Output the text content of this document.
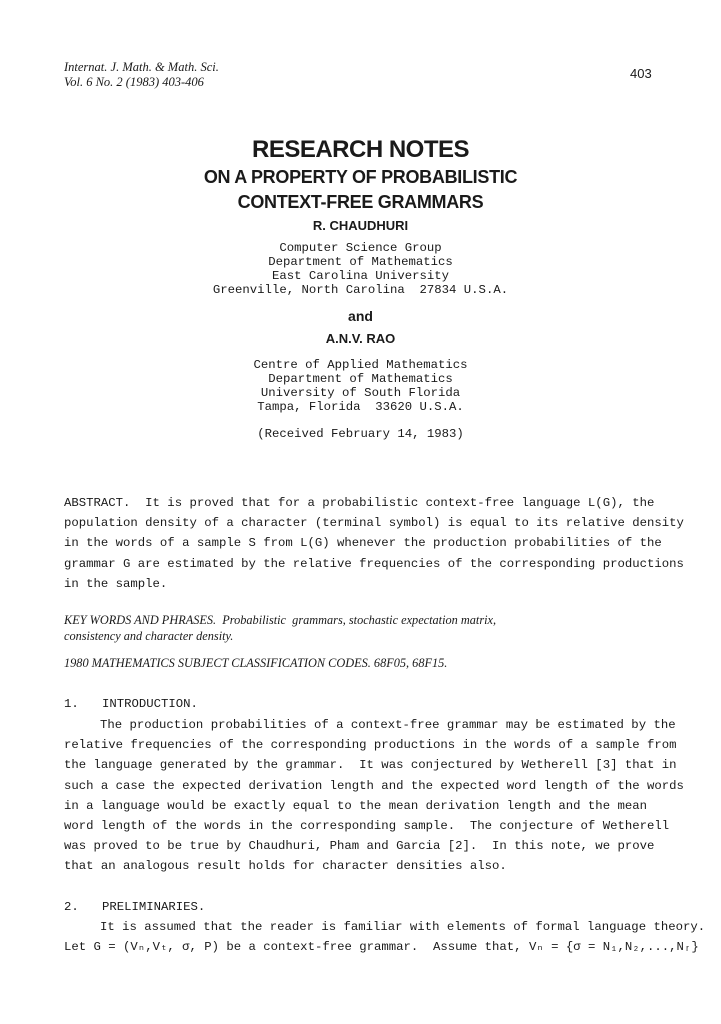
Internat. J. Math. & Math. Sci.
Vol. 6 No. 2 (1983) 403-406
403
RESEARCH NOTES
ON A PROPERTY OF PROBABILISTIC
CONTEXT-FREE GRAMMARS
R. CHAUDHURI
Computer Science Group
Department of Mathematics
East Carolina University
Greenville, North Carolina  27834 U.S.A.
and
A.N.V. RAO
Centre of Applied Mathematics
Department of Mathematics
University of South Florida
Tampa, Florida  33620 U.S.A.
(Received February 14, 1983)
ABSTRACT.  It is proved that for a probabilistic context-free language L(G), the
population density of a character (terminal symbol) is equal to its relative density
in the words of a sample S from L(G) whenever the production probabilities of the
grammar G are estimated by the relative frequencies of the corresponding productions
in the sample.
KEY WORDS AND PHRASES.  Probabilistic  grammars, stochastic expectation matrix,
consistency and character density.
1980 MATHEMATICS SUBJECT CLASSIFICATION CODES. 68F05, 68F15.
1. INTRODUCTION.
The production probabilities of a context-free grammar may be estimated by the
relative frequencies of the corresponding productions in the words of a sample from
the language generated by the grammar.  It was conjectured by Wetherell [3] that in
such a case the expected derivation length and the expected word length of the words
in a language would be exactly equal to the mean derivation length and the mean
word length of the words in the corresponding sample.  The conjecture of Wetherell
was proved to be true by Chaudhuri, Pham and Garcia [2].  In this note, we prove
that an analogous result holds for character densities also.
2. PRELIMINARIES.
It is assumed that the reader is familiar with elements of formal language theory.
Let G = (Vₙ,Vₜ, σ, P) be a context-free grammar.  Assume that, Vₙ = {σ = N₁,N₂,...,Nᵣ}
